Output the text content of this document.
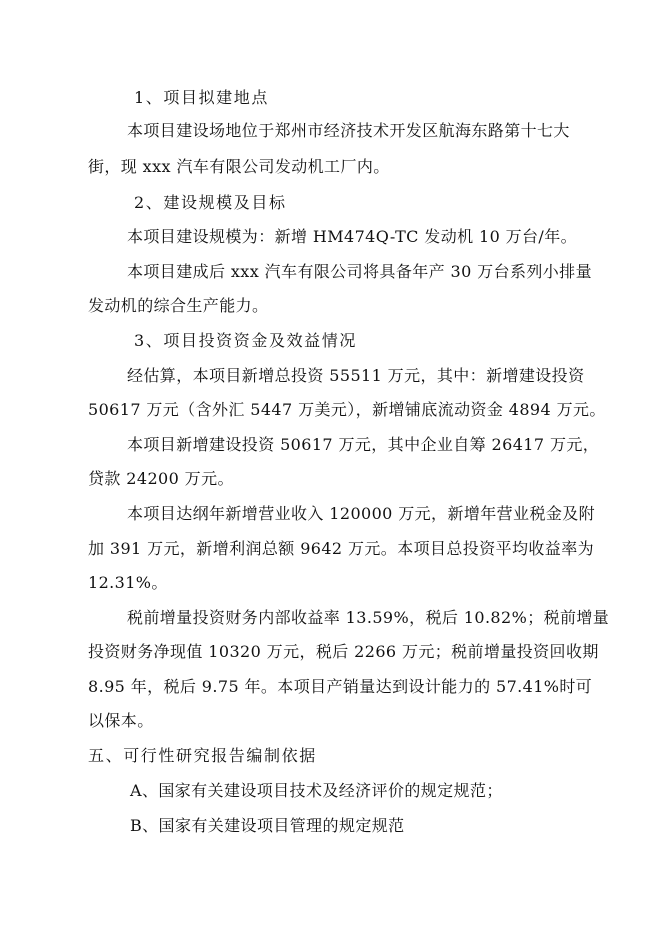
1、项目拟建地点
本项目建设场地位于郑州市经济技术开发区航海东路第十七大
街，现 xxx 汽车有限公司发动机工厂内。
2、建设规模及目标
本项目建设规模为：新增 HM474Q-TC 发动机 10 万台/年。
本项目建成后 xxx 汽车有限公司将具备年产 30 万台系列小排量
发动机的综合生产能力。
3、项目投资资金及效益情况
经估算，本项目新增总投资 55511 万元，其中：新增建设投资
50617 万元（含外汇 5447 万美元），新增铺底流动资金 4894 万元。
本项目新增建设投资 50617 万元，其中企业自筹 26417 万元，
贷款 24200 万元。
本项目达纲年新增营业收入 120000 万元，新增年营业税金及附
加 391 万元，新增利润总额 9642 万元。本项目总投资平均收益率为
12.31%。
税前增量投资财务内部收益率 13.59%，税后 10.82%；税前增量
投资财务净现值 10320 万元，税后 2266 万元；税前增量投资回收期
8.95 年，税后 9.75 年。本项目产销量达到设计能力的 57.41%时可
以保本。
五、可行性研究报告编制依据
A、国家有关建设项目技术及经济评价的规定规范；
B、国家有关建设项目管理的规定规范
